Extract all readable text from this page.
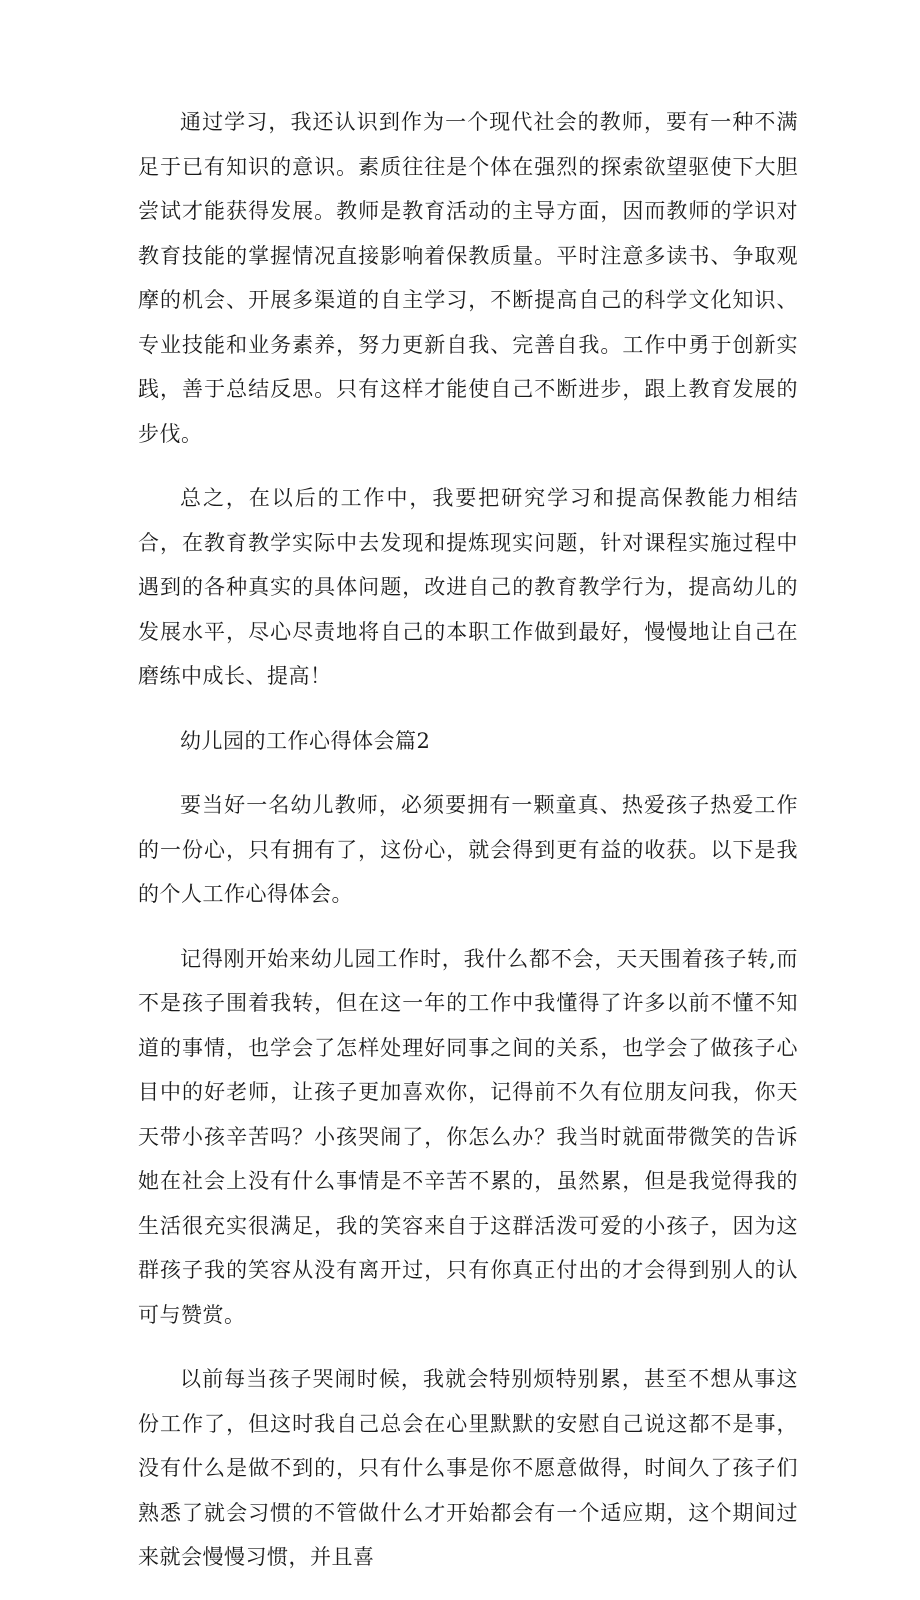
通过学习，我还认识到作为一个现代社会的教师，要有一种不满足于已有知识的意识。素质往往是个体在强烈的探索欲望驱使下大胆尝试才能获得发展。教师是教育活动的主导方面，因而教师的学识对教育技能的掌握情况直接影响着保教质量。平时注意多读书、争取观摩的机会、开展多渠道的自主学习，不断提高自己的科学文化知识、专业技能和业务素养，努力更新自我、完善自我。工作中勇于创新实践，善于总结反思。只有这样才能使自己不断进步，跟上教育发展的步伐。

总之，在以后的工作中，我要把研究学习和提高保教能力相结合，在教育教学实际中去发现和提炼现实问题，针对课程实施过程中遇到的各种真实的具体问题，改进自己的教育教学行为，提高幼儿的发展水平，尽心尽责地将自己的本职工作做到最好，慢慢地让自己在磨练中成长、提高！

幼儿园的工作心得体会篇2

要当好一名幼儿教师，必须要拥有一颗童真、热爱孩子热爱工作的一份心，只有拥有了，这份心，就会得到更有益的收获。以下是我的个人工作心得体会。

记得刚开始来幼儿园工作时，我什么都不会，天天围着孩子转,而不是孩子围着我转，但在这一年的工作中我懂得了许多以前不懂不知道的事情，也学会了怎样处理好同事之间的关系，也学会了做孩子心目中的好老师，让孩子更加喜欢你，记得前不久有位朋友问我，你天天带小孩辛苦吗？小孩哭闹了，你怎么办？我当时就面带微笑的告诉她在社会上没有什么事情是不辛苦不累的，虽然累，但是我觉得我的生活很充实很满足，我的笑容来自于这群活泼可爱的小孩子，因为这群孩子我的笑容从没有离开过，只有你真正付出的才会得到别人的认可与赞赏。

以前每当孩子哭闹时候，我就会特别烦特别累，甚至不想从事这份工作了，但这时我自己总会在心里默默的安慰自己说这都不是事，没有什么是做不到的，只有什么事是你不愿意做得，时间久了孩子们熟悉了就会习惯的不管做什么才开始都会有一个适应期，这个期间过来就会慢慢习惯，并且喜
